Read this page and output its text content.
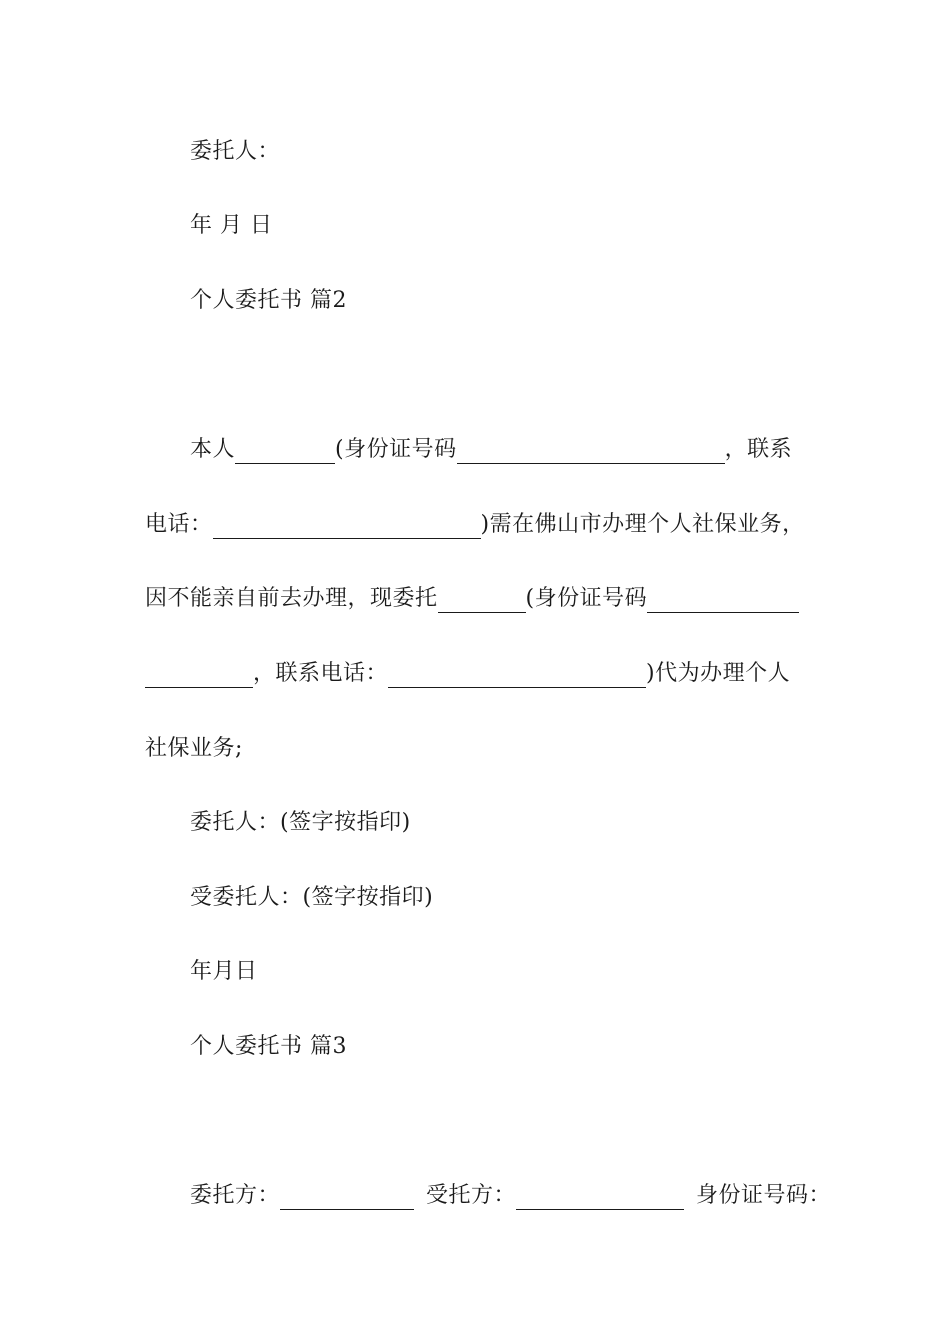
委托人：
年 月 日
个人委托书 篇2
本人	(身份证号码	，联系
电话：	)需在佛山市办理个人社保业务，
因不能亲自前去办理，现委托	(身份证号码
，联系电话：	)代为办理个人
社保业务;
委托人：(签字按指印)
受委托人：(签字按指印)
年月日
个人委托书 篇3
委托方：	受托方：	身份证号码：
